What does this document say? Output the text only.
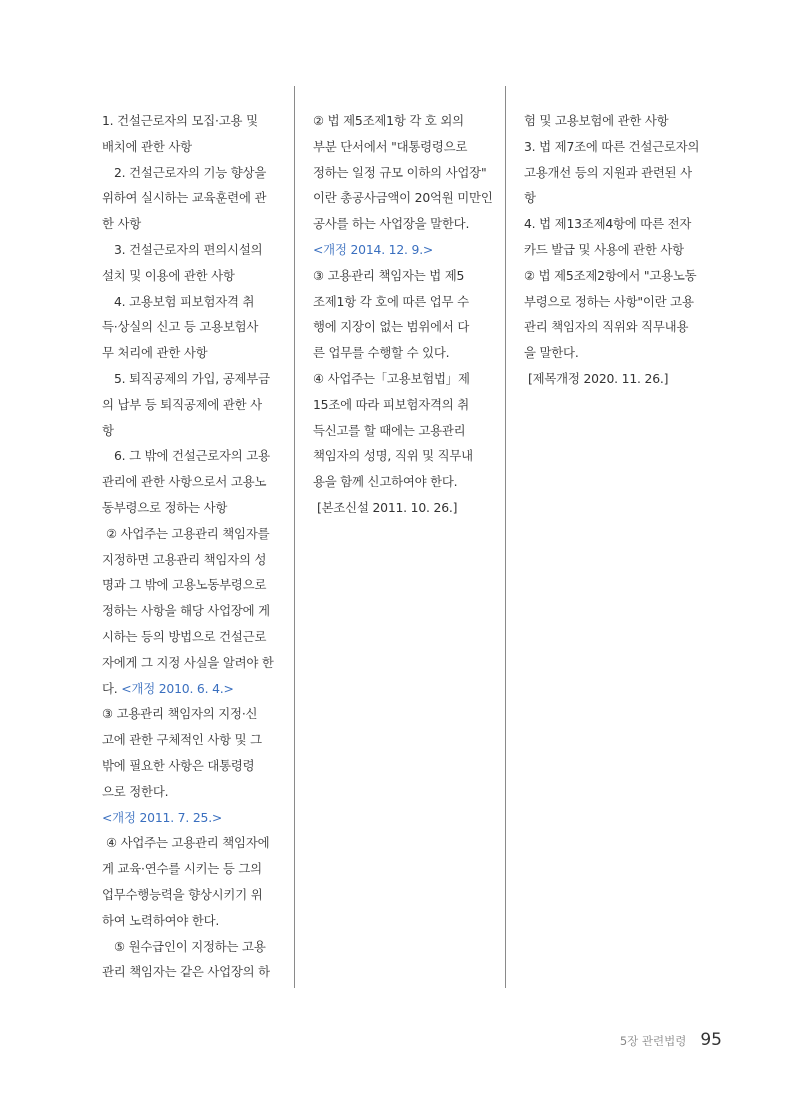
1. 건설근로자의 모집·고용 및

배치에 관한 사항

2. 건설근로자의 기능 향상을

위하여 실시하는 교육훈련에 관

한 사항

3. 건설근로자의 편의시설의

설치 및 이용에 관한 사항

4. 고용보험 피보험자격 취

득·상실의 신고 등 고용보험사

무 처리에 관한 사항

5. 퇴직공제의 가입, 공제부금

의 납부 등 퇴직공제에 관한 사

항

6. 그 밖에 건설근로자의 고용

관리에 관한 사항으로서 고용노

동부령으로 정하는 사항

② 사업주는 고용관리 책임자를

지정하면 고용관리 책임자의 성

명과 그 밖에 고용노동부령으로

정하는 사항을 해당 사업장에 게

시하는 등의 방법으로 건설근로

자에게 그 지정 사실을 알려야 한

다. <개정 2010. 6. 4.>

③ 고용관리 책임자의 지정·신

고에 관한 구체적인 사항 및 그

밖에 필요한 사항은 대통령령

으로 정한다.

<개정 2011. 7. 25.>

④ 사업주는 고용관리 책임자에

게 교육·연수를 시키는 등 그의

업무수행능력을 향상시키기 위

하여 노력하여야 한다.

⑤ 원수급인이 지정하는 고용

관리 책임자는 같은 사업장의 하

② 법 제5조제1항 각 호 외의

부분 단서에서 "대통령령으로

정하는 일정 규모 이하의 사업장"

이란 총공사금액이 20억원 미만인

공사를 하는 사업장을 말한다.

<개정 2014. 12. 9.>

③ 고용관리 책임자는 법 제5

조제1항 각 호에 따른 업무 수

행에 지장이 없는 범위에서 다

른 업무를 수행할 수 있다.

④ 사업주는「고용보험법」제

15조에 따라 피보험자격의 취

득신고를 할 때에는 고용관리

책임자의 성명, 직위 및 직무내

용을 함께 신고하여야 한다.

[본조신설 2011. 10. 26.]

험 및 고용보험에 관한 사항

3. 법 제7조에 따른 건설근로자의

고용개선 등의 지원과 관련된 사

항

4. 법 제13조제4항에 따른 전자

카드 발급 및 사용에 관한 사항

② 법 제5조제2항에서 "고용노동

부령으로 정하는 사항"이란 고용

관리 책임자의 직위와 직무내용

을 말한다.

[제목개정 2020. 11. 26.]

5장 관련법령 95
